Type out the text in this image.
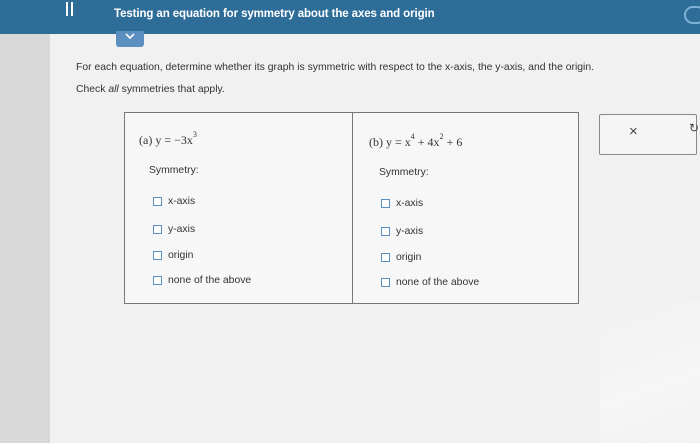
Testing an equation for symmetry about the axes and origin
For each equation, determine whether its graph is symmetric with respect to the x-axis, the y-axis, and the origin.
Check all symmetries that apply.
(a) $y = -3x^3$
Symmetry:
x-axis
y-axis
origin
none of the above
(b) $y = x^4 + 4x^2 + 6$
Symmetry:
x-axis
y-axis
origin
none of the above
×	↻
